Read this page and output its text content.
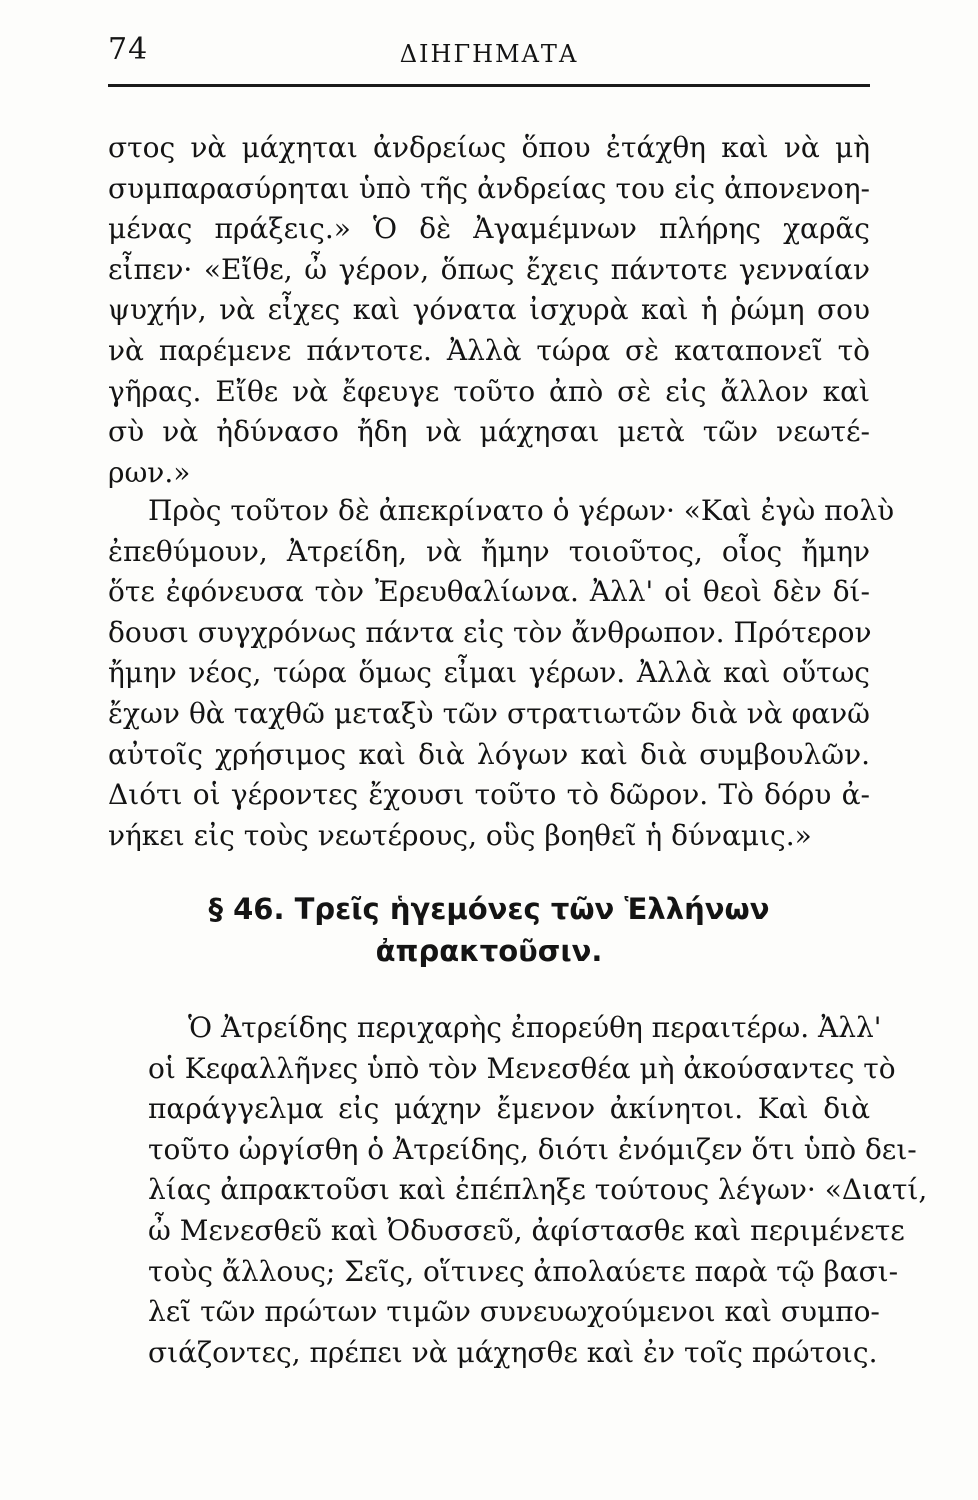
74	ΔΙΗΓΗΜΑΤΑ

στος νὰ μάχηται ἀνδρείως ὅπου ἐτάχθη καὶ νὰ μὴ
συμπαρασύρηται ὑπὸ τῆς ἀνδρείας του εἰς ἀπονενοη-
μένας πράξεις.» Ὁ δὲ Ἀγαμέμνων πλήρης χαρᾶς
εἶπεν· «Εἴθε, ὦ γέρον, ὅπως ἔχεις πάντοτε γενναίαν
ψυχήν, νὰ εἶχες καὶ γόνατα ἰσχυρὰ καὶ ἡ ῥώμη σου
νὰ παρέμενε πάντοτε. Ἀλλὰ τώρα σὲ καταπονεῖ τὸ
γῆρας. Εἴθε νὰ ἔφευγε τοῦτο ἀπὸ σὲ εἰς ἄλλον καὶ
σὺ νὰ ἠδύνασο ἤδη νὰ μάχησαι μετὰ τῶν νεωτέ-
ρων.»

Πρὸς τοῦτον δὲ ἀπεκρίνατο ὁ γέρων· «Καὶ ἐγὼ πολὺ
ἐπεθύμουν, Ἀτρείδη, νὰ ἤμην τοιοῦτος, οἷος ἤμην
ὅτε ἐφόνευσα τὸν Ἐρευθαλίωνα. Ἀλλ' οἱ θεοὶ δὲν δί-
δουσι συγχρόνως πάντα εἰς τὸν ἄνθρωπον. Πρότερον
ἤμην νέος, τώρα ὅμως εἶμαι γέρων. Ἀλλὰ καὶ οὕτως
ἔχων θὰ ταχθῶ μεταξὺ τῶν στρατιωτῶν διὰ νὰ φανῶ
αὐτοῖς χρήσιμος καὶ διὰ λόγων καὶ διὰ συμβουλῶν.
Διότι οἱ γέροντες ἔχουσι τοῦτο τὸ δῶρον. Τὸ δόρυ ἀ-
νήκει εἰς τοὺς νεωτέρους, οὓς βοηθεῖ ἡ δύναμις.»

§ 46. Τρεῖς ἡγεμόνες τῶν Ἑλλήνων
ἀπρακτοῦσιν.

Ὁ Ἀτρείδης περιχαρὴς ἐπορεύθη περαιτέρω. Ἀλλ'
οἱ Κεφαλλῆνες ὑπὸ τὸν Μενεσθέα μὴ ἀκούσαντες τὸ
παράγγελμα εἰς μάχην ἔμενον ἀκίνητοι. Καὶ διὰ
τοῦτο ὠργίσθη ὁ Ἀτρείδης, διότι ἐνόμιζεν ὅτι ὑπὸ δει-
λίας ἀπρακτοῦσι καὶ ἐπέπληξε τούτους λέγων· «Διατί,
ὦ Μενεσθεῦ καὶ Ὀδυσσεῦ, ἀφίστασθε καὶ περιμένετε
τοὺς ἄλλους; Σεῖς, οἵτινες ἀπολαύετε παρὰ τῷ βασι-
λεῖ τῶν πρώτων τιμῶν συνευωχούμενοι καὶ συμπο-
σιάζοντες, πρέπει νὰ μάχησθε καὶ ἐν τοῖς πρώτοις.
